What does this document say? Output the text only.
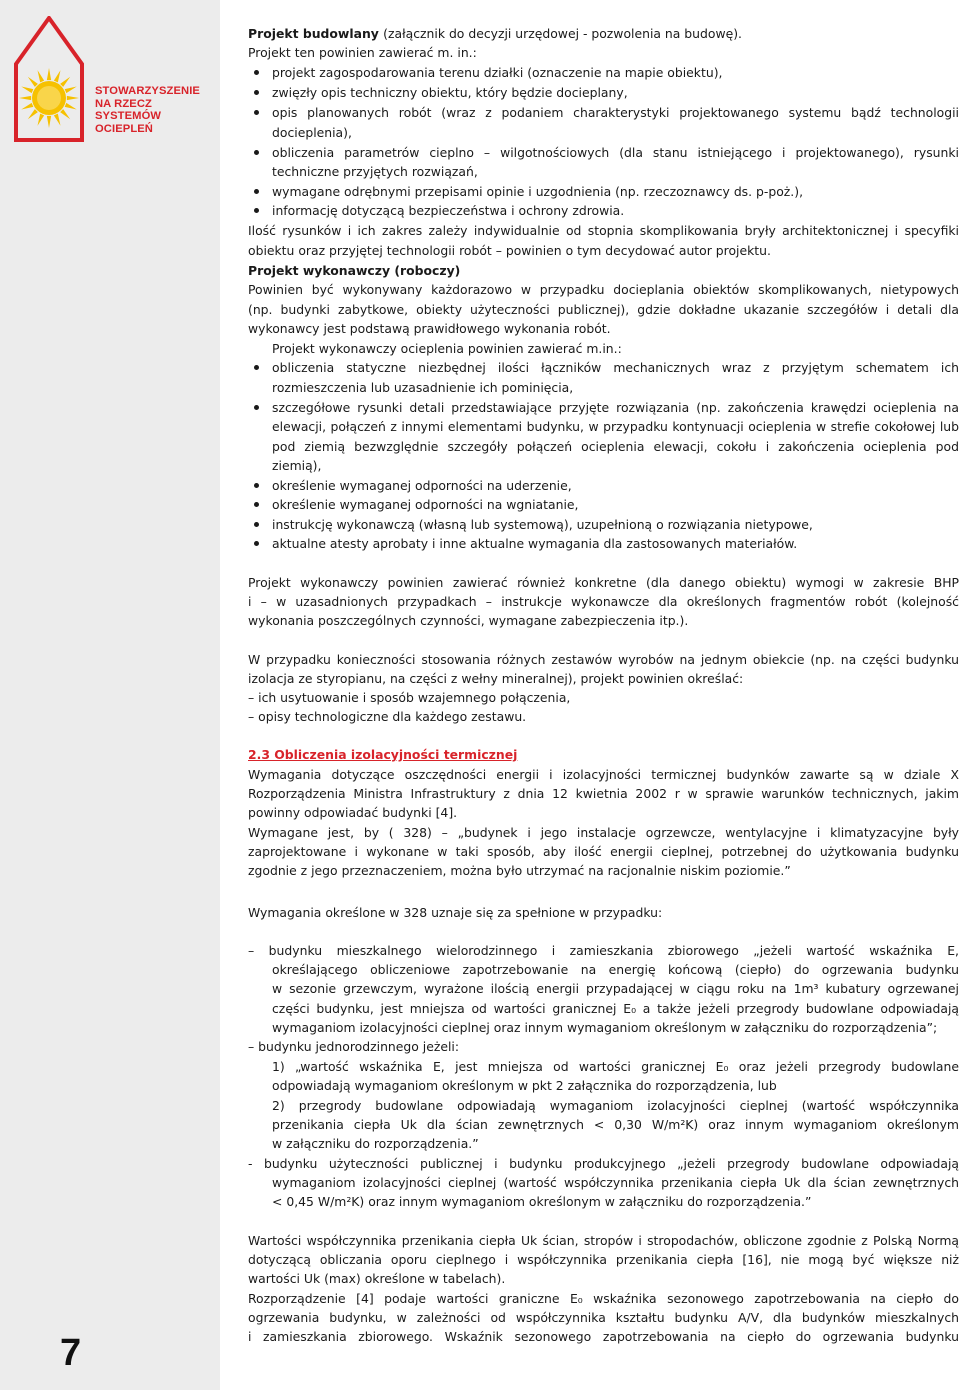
STOWARZYSZENIE
NA RZECZ
SYSTEMÓW OCIEPLEŃ
7
Projekt budowlany (załącznik do decyzji urzędowej - pozwolenia na budowę).
Projekt ten powinien zawierać m. in.:
projekt zagospodarowania terenu działki (oznaczenie na mapie obiektu),
zwięzły opis techniczny obiektu, który będzie docieplany,
opis planowanych robót (wraz z podaniem charakterystyki projektowanego systemu bądź technologii
docieplenia),
obliczenia parametrów cieplno – wilgotnościowych (dla stanu istniejącego i projektowanego), rysunki
techniczne przyjętych rozwiązań,
wymagane odrębnymi przepisami opinie i uzgodnienia (np. rzeczoznawcy ds. p-poż.),
informację dotyczącą bezpieczeństwa i ochrony zdrowia.
Ilość rysunków i ich zakres zależy indywidualnie od stopnia skomplikowania bryły architektonicznej i specyfiki
obiektu oraz przyjętej technologii robót – powinien o tym decydować autor projektu.
Projekt wykonawczy (roboczy)
Powinien być wykonywany każdorazowo w przypadku docieplania obiektów skomplikowanych, nietypowych
(np. budynki zabytkowe, obiekty użyteczności publicznej), gdzie dokładne ukazanie szczegółów i detali dla
wykonawcy jest podstawą prawidłowego wykonania robót.
Projekt wykonawczy ocieplenia powinien zawierać m.in.:
obliczenia statyczne niezbędnej ilości łączników mechanicznych wraz z przyjętym schematem ich
rozmieszczenia lub uzasadnienie ich pominięcia,
szczegółowe rysunki detali przedstawiające przyjęte rozwiązania (np. zakończenia krawędzi ocieplenia na
elewacji, połączeń z innymi elementami budynku, w przypadku kontynuacji ocieplenia w strefie cokołowej lub
pod ziemią bezwzględnie szczegóły połączeń ocieplenia elewacji, cokołu i zakończenia ocieplenia pod
ziemią),
określenie wymaganej odporności na uderzenie,
określenie wymaganej odporności na wgniatanie,
instrukcję wykonawczą (własną lub systemową), uzupełnioną o rozwiązania nietypowe,
aktualne atesty aprobaty i inne aktualne wymagania dla zastosowanych materiałów.
Projekt wykonawczy powinien zawierać również konkretne (dla danego obiektu) wymogi w zakresie BHP
i – w uzasadnionych przypadkach – instrukcje wykonawcze dla określonych fragmentów robót (kolejność
wykonania poszczególnych czynności, wymagane zabezpieczenia itp.).
W przypadku konieczności stosowania różnych zestawów wyrobów na jednym obiekcie (np. na części budynku
izolacja ze styropianu, na części z wełny mineralnej), projekt powinien określać:
– ich usytuowanie i sposób wzajemnego połączenia,
– opisy technologiczne dla każdego zestawu.
2.3 Obliczenia izolacyjności termicznej
Wymagania dotyczące oszczędności energii i izolacyjności termicznej budynków zawarte są w dziale X
Rozporządzenia Ministra Infrastruktury z dnia 12 kwietnia 2002 r w sprawie warunków technicznych, jakim
powinny odpowiadać budynki [4].
Wymagane jest, by ( 328) – „budynek i jego instalacje ogrzewcze, wentylacyjne i klimatyzacyjne były
zaprojektowane i wykonane w taki sposób, aby ilość energii cieplnej, potrzebnej do użytkowania budynku
zgodnie z jego przeznaczeniem, można było utrzymać na racjonalnie niskim poziomie.”
Wymagania określone w 328 uznaje się za spełnione w przypadku:
– budynku mieszkalnego wielorodzinnego i zamieszkania zbiorowego „jeżeli wartość wskaźnika E,
określającego obliczeniowe zapotrzebowanie na energię końcową (ciepło) do ogrzewania budynku
w sezonie grzewczym, wyrażone ilością energii przypadającej w ciągu roku na 1m³ kubatury ogrzewanej
części budynku, jest mniejsza od wartości granicznej E₀ a także jeżeli przegrody budowlane odpowiadają
wymaganiom izolacyjności cieplnej oraz innym wymaganiom określonym w załączniku do rozporządzenia”;
– budynku jednorodzinnego jeżeli:
1) „wartość wskaźnika E, jest mniejsza od wartości granicznej E₀ oraz jeżeli przegrody budowlane
odpowiadają wymaganiom określonym w pkt 2 załącznika do rozporządzenia, lub
2) przegrody budowlane odpowiadają wymaganiom izolacyjności cieplnej (wartość współczynnika
przenikania ciepła Uk dla ścian zewnętrznych < 0,30 W/m²K) oraz innym wymaganiom określonym
w załączniku do rozporządzenia.”
- budynku użyteczności publicznej i budynku produkcyjnego „jeżeli przegrody budowlane odpowiadają
wymaganiom izolacyjności cieplnej (wartość współczynnika przenikania ciepła Uk dla ścian zewnętrznych
< 0,45 W/m²K) oraz innym wymaganiom określonym w załączniku do rozporządzenia.”
Wartości współczynnika przenikania ciepła Uk ścian, stropów i stropodachów, obliczone zgodnie z Polską Normą
dotyczącą obliczania oporu cieplnego i współczynnika przenikania ciepła [16], nie mogą być większe niż
wartości Uk (max) określone w tabelach).
Rozporządzenie [4] podaje wartości graniczne E₀ wskaźnika sezonowego zapotrzebowania na ciepło do
ogrzewania budynku, w zależności od współczynnika kształtu budynku A/V, dla budynków mieszkalnych
i zamieszkania zbiorowego. Wskaźnik sezonowego zapotrzebowania na ciepło do ogrzewania budynku
